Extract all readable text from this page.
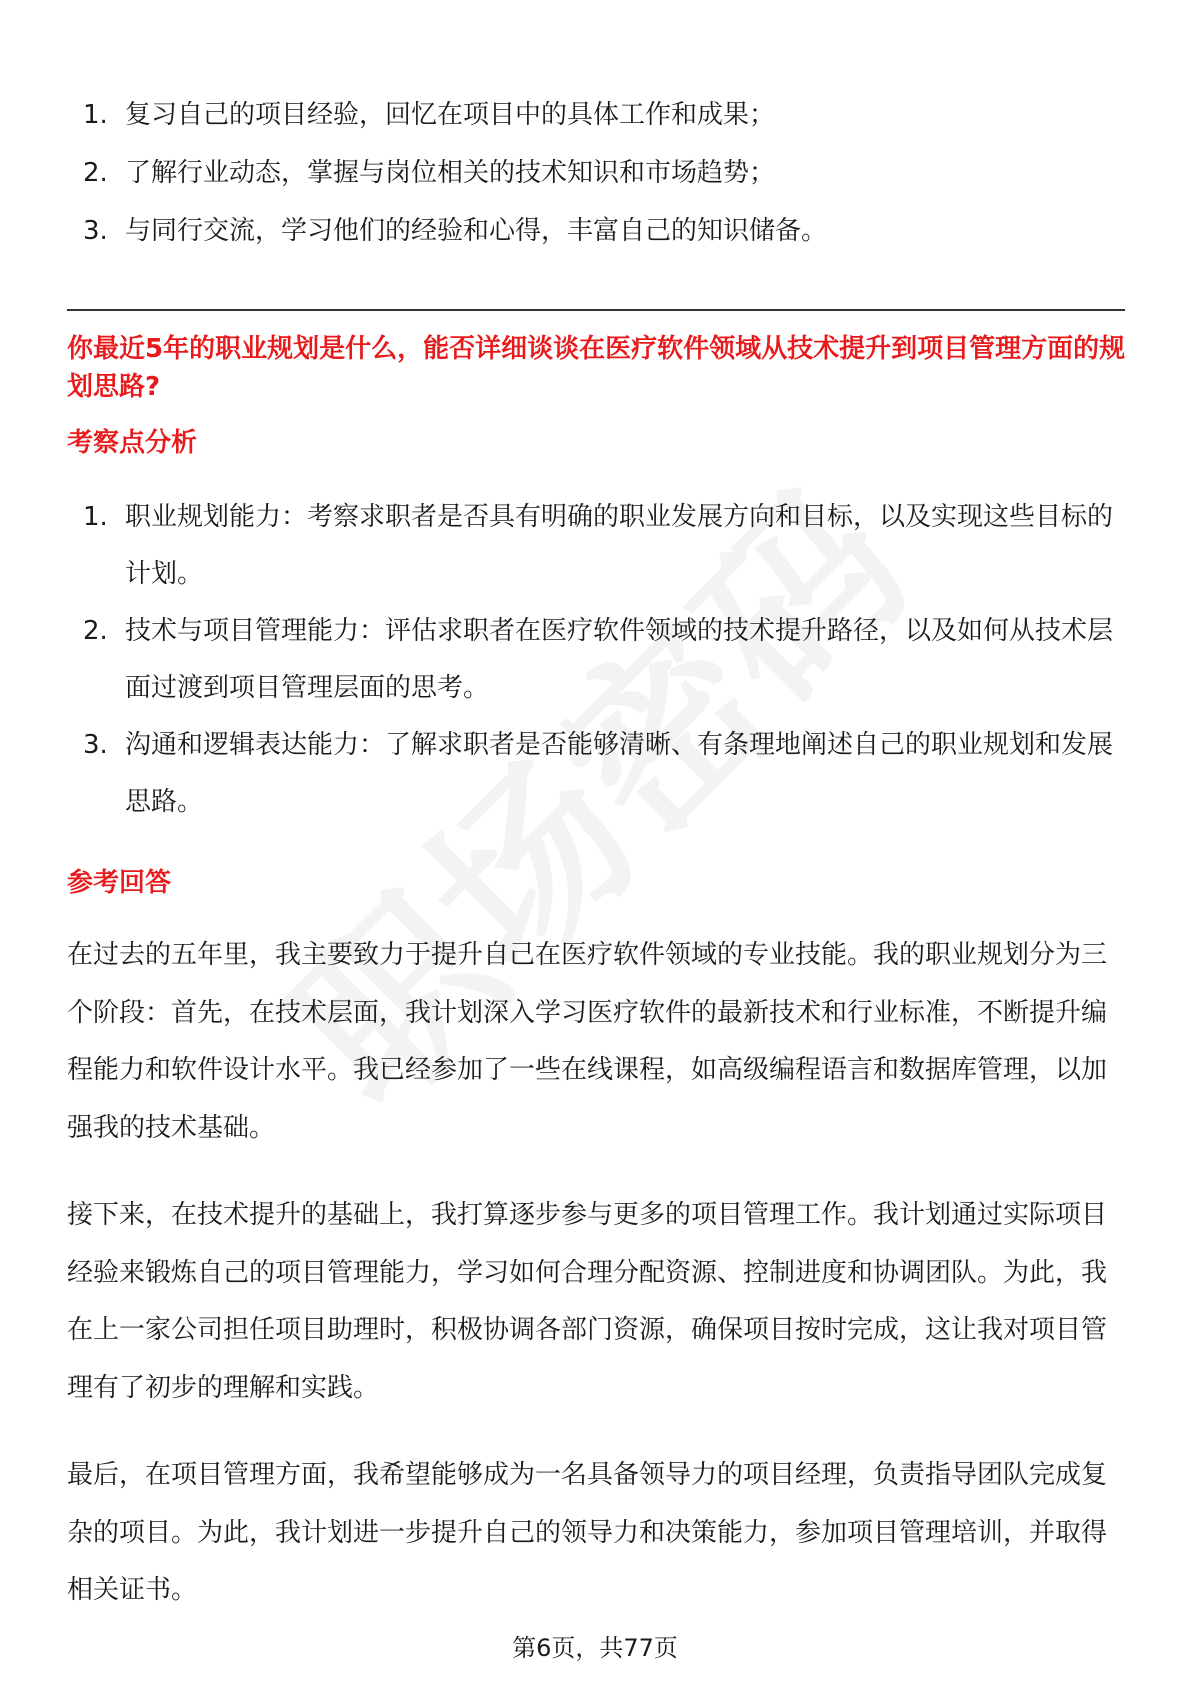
1. 复习自己的项目经验，回忆在项目中的具体工作和成果；
2. 了解行业动态，掌握与岗位相关的技术知识和市场趋势；
3. 与同行交流，学习他们的经验和心得，丰富自己的知识储备。
你最近5年的职业规划是什么，能否详细谈谈在医疗软件领域从技术提升到项目管理方面的规划思路?
考察点分析
1. 职业规划能力：考察求职者是否具有明确的职业发展方向和目标，以及实现这些目标的计划。
2. 技术与项目管理能力：评估求职者在医疗软件领域的技术提升路径，以及如何从技术层面过渡到项目管理层面的思考。
3. 沟通和逻辑表达能力：了解求职者是否能够清晰、有条理地阐述自己的职业规划和发展思路。
参考回答

在过去的五年里，我主要致力于提升自己在医疗软件领域的专业技能。我的职业规划分为三个阶段：首先，在技术层面，我计划深入学习医疗软件的最新技术和行业标准，不断提升编程能力和软件设计水平。我已经参加了一些在线课程，如高级编程语言和数据库管理，以加强我的技术基础。

接下来，在技术提升的基础上，我打算逐步参与更多的项目管理工作。我计划通过实际项目经验来锻炼自己的项目管理能力，学习如何合理分配资源、控制进度和协调团队。为此，我在上一家公司担任项目助理时，积极协调各部门资源，确保项目按时完成，这让我对项目管理有了初步的理解和实践。

最后，在项目管理方面，我希望能够成为一名具备领导力的项目经理，负责指导团队完成复杂的项目。为此，我计划进一步提升自己的领导力和决策能力，参加项目管理培训，并取得相关证书。

第6页，共77页
